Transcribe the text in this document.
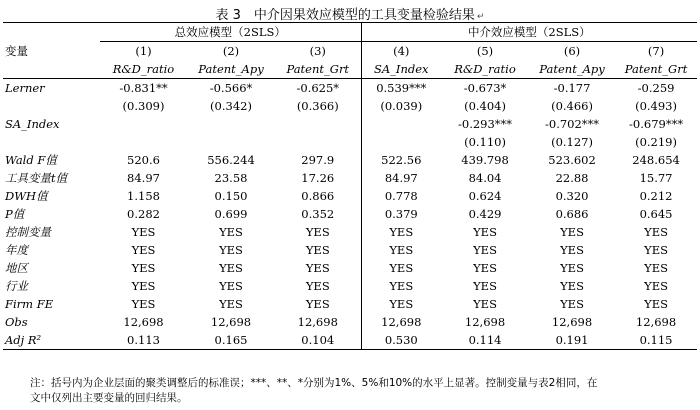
表 3　中介因果效应模型的工具变量检验结果 ↵
	总效应模型（2SLS）			中介效应模型（2SLS）			
变量	(1)	(2)	(3)	(4)	(5)	(6)	(7)
	R&D_ratio	Patent_Apy	Patent_Grt	SA_Index	R&D_ratio	Patent_Apy	Patent_Grt
Lerner	-0.831**	-0.566*	-0.625*	0.539***	-0.673*	-0.177	-0.259
	(0.309)	(0.342)	(0.366)	(0.039)	(0.404)	(0.466)	(0.493)
SA_Index					-0.293***	-0.702***	-0.679***
					(0.110)	(0.127)	(0.219)
Wald F值	520.6	556.244	297.9	522.56	439.798	523.602	248.654
工具变量t值	84.97	23.58	17.26	84.97	84.04	22.88	15.77
DWH值	1.158	0.150	0.866	0.778	0.624	0.320	0.212
P值	0.282	0.699	0.352	0.379	0.429	0.686	0.645
控制变量	YES	YES	YES	YES	YES	YES	YES
年度	YES	YES	YES	YES	YES	YES	YES
地区	YES	YES	YES	YES	YES	YES	YES
行业	YES	YES	YES	YES	YES	YES	YES
Firm FE	YES	YES	YES	YES	YES	YES	YES
Obs	12,698	12,698	12,698	12,698	12,698	12,698	12,698
Adj R²	0.113	0.165	0.104	0.530	0.114	0.191	0.115
注：括号内为企业层面的聚类调整后的标准误；***、**、*分别为1%、5%和10%的水平上显著。控制变量与表2相同，在
文中仅列出主要变量的回归结果。
